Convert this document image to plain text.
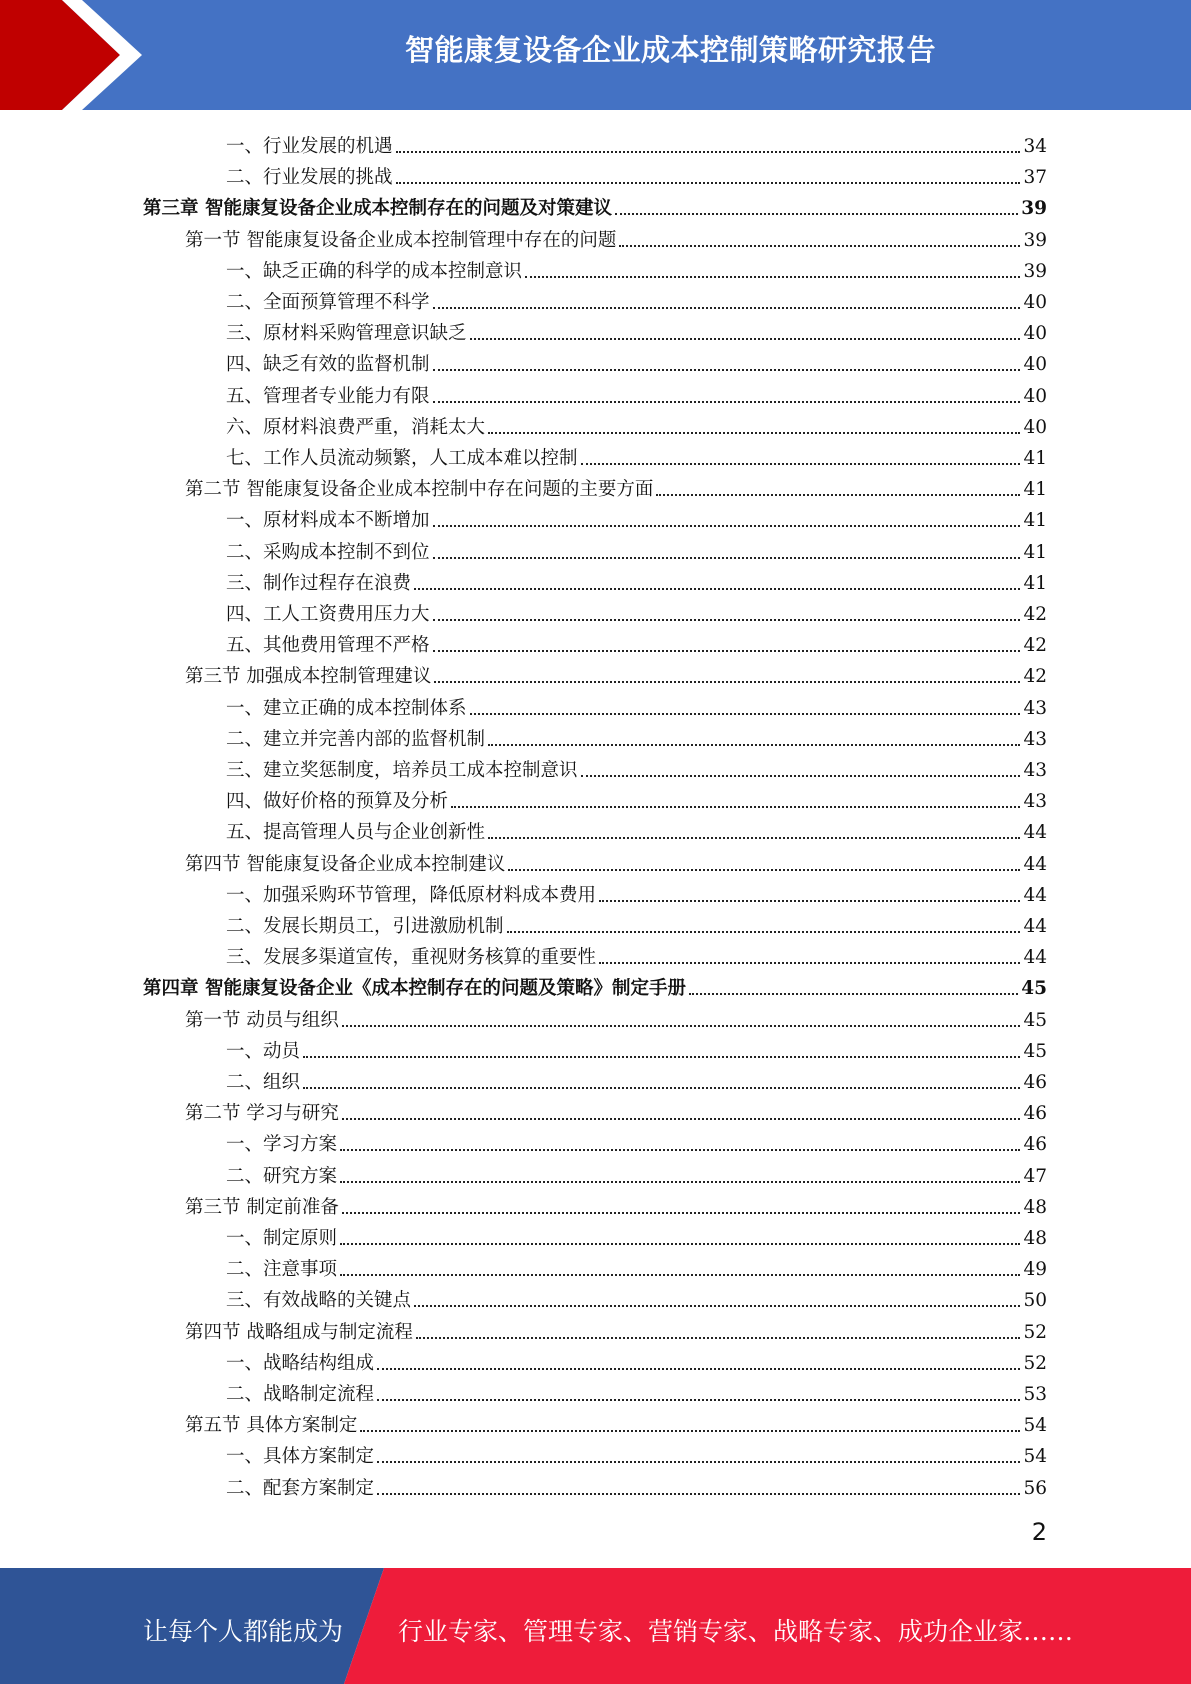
智能康复设备企业成本控制策略研究报告
一、行业发展的机遇	34
二、行业发展的挑战	37
第三章 智能康复设备企业成本控制存在的问题及对策建议	39
第一节 智能康复设备企业成本控制管理中存在的问题	39
一、缺乏正确的科学的成本控制意识	39
二、全面预算管理不科学	40
三、原材料采购管理意识缺乏	40
四、缺乏有效的监督机制	40
五、管理者专业能力有限	40
六、原材料浪费严重，消耗太大	40
七、工作人员流动频繁，人工成本难以控制	41
第二节 智能康复设备企业成本控制中存在问题的主要方面	41
一、原材料成本不断增加	41
二、采购成本控制不到位	41
三、制作过程存在浪费	41
四、工人工资费用压力大	42
五、其他费用管理不严格	42
第三节 加强成本控制管理建议	42
一、建立正确的成本控制体系	43
二、建立并完善内部的监督机制	43
三、建立奖惩制度，培养员工成本控制意识	43
四、做好价格的预算及分析	43
五、提高管理人员与企业创新性	44
第四节 智能康复设备企业成本控制建议	44
一、加强采购环节管理，降低原材料成本费用	44
二、发展长期员工，引进激励机制	44
三、发展多渠道宣传，重视财务核算的重要性	44
第四章 智能康复设备企业《成本控制存在的问题及策略》制定手册	45
第一节 动员与组织	45
一、动员	45
二、组织	46
第二节 学习与研究	46
一、学习方案	46
二、研究方案	47
第三节 制定前准备	48
一、制定原则	48
二、注意事项	49
三、有效战略的关键点	50
第四节 战略组成与制定流程	52
一、战略结构组成	52
二、战略制定流程	53
第五节 具体方案制定	54
一、具体方案制定	54
二、配套方案制定	56
2
让每个人都能成为 行业专家、管理专家、营销专家、战略专家、成功企业家……
